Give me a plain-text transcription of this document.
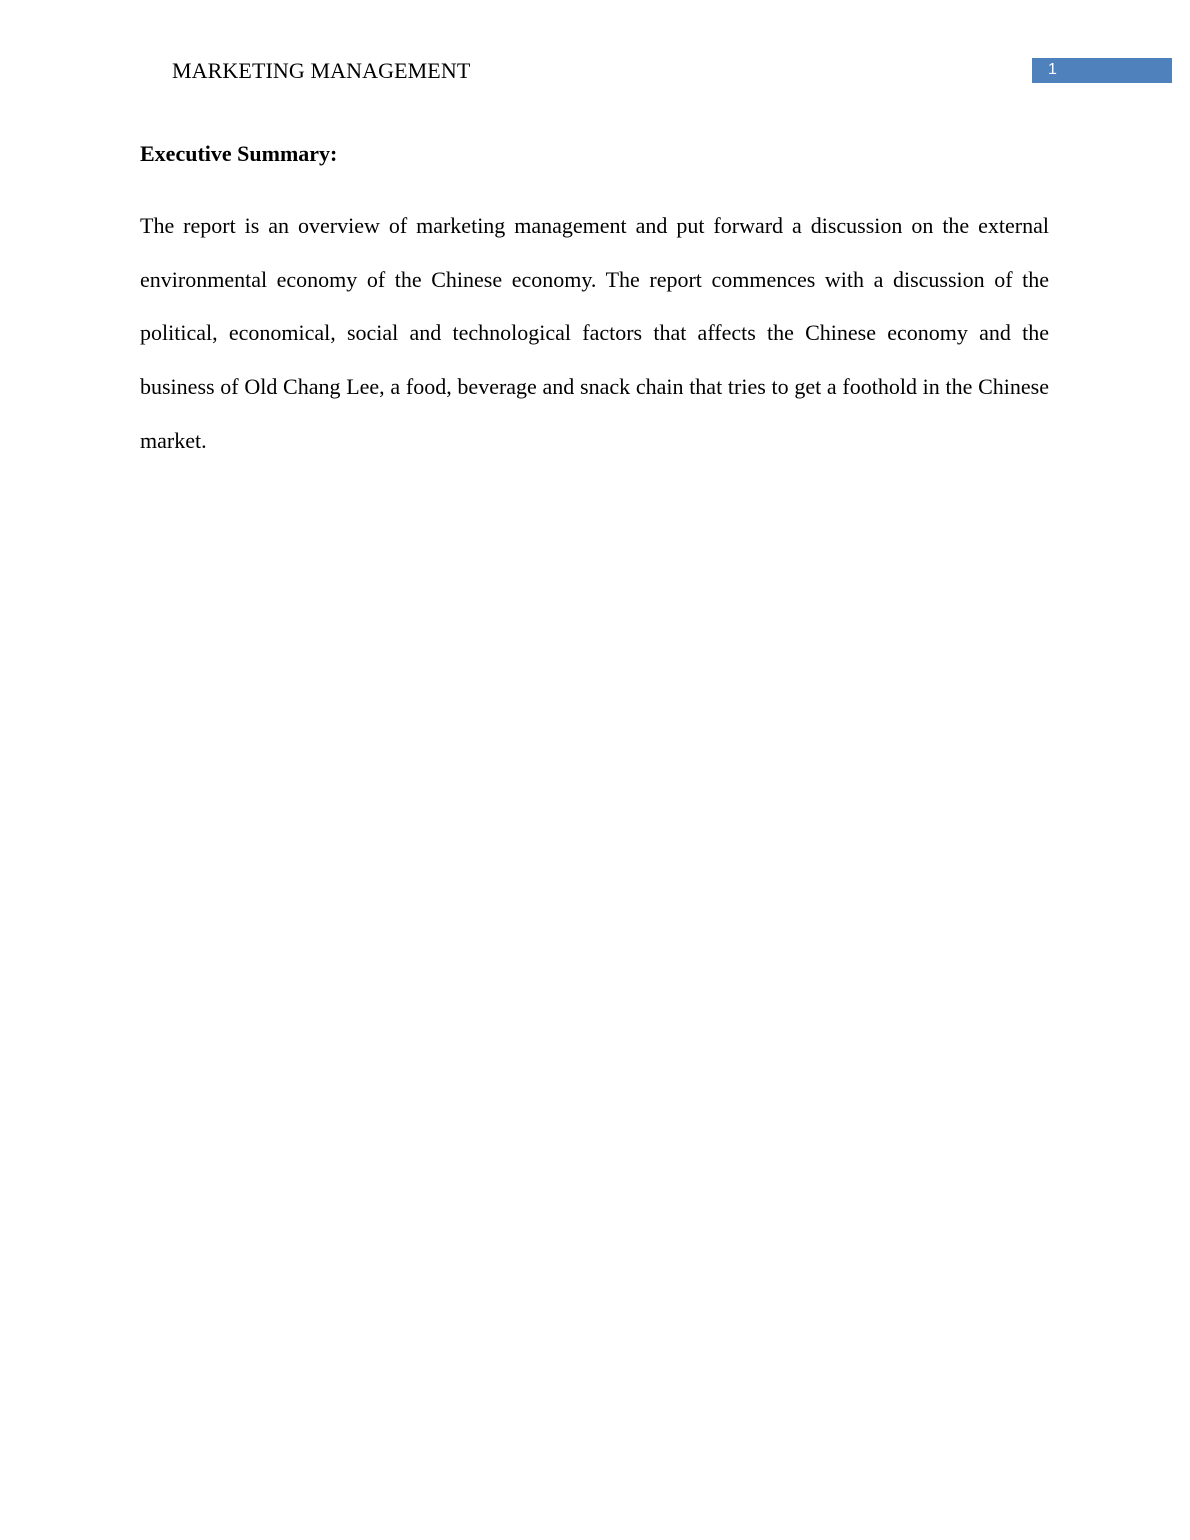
MARKETING MANAGEMENT	1
Executive Summary:

The report is an overview of marketing management and put forward a discussion on the external environmental economy of the Chinese economy. The report commences with a discussion of the political, economical, social and technological factors that affects the Chinese economy and the business of Old Chang Lee, a food, beverage and snack chain that tries to get a foothold in the Chinese market.
